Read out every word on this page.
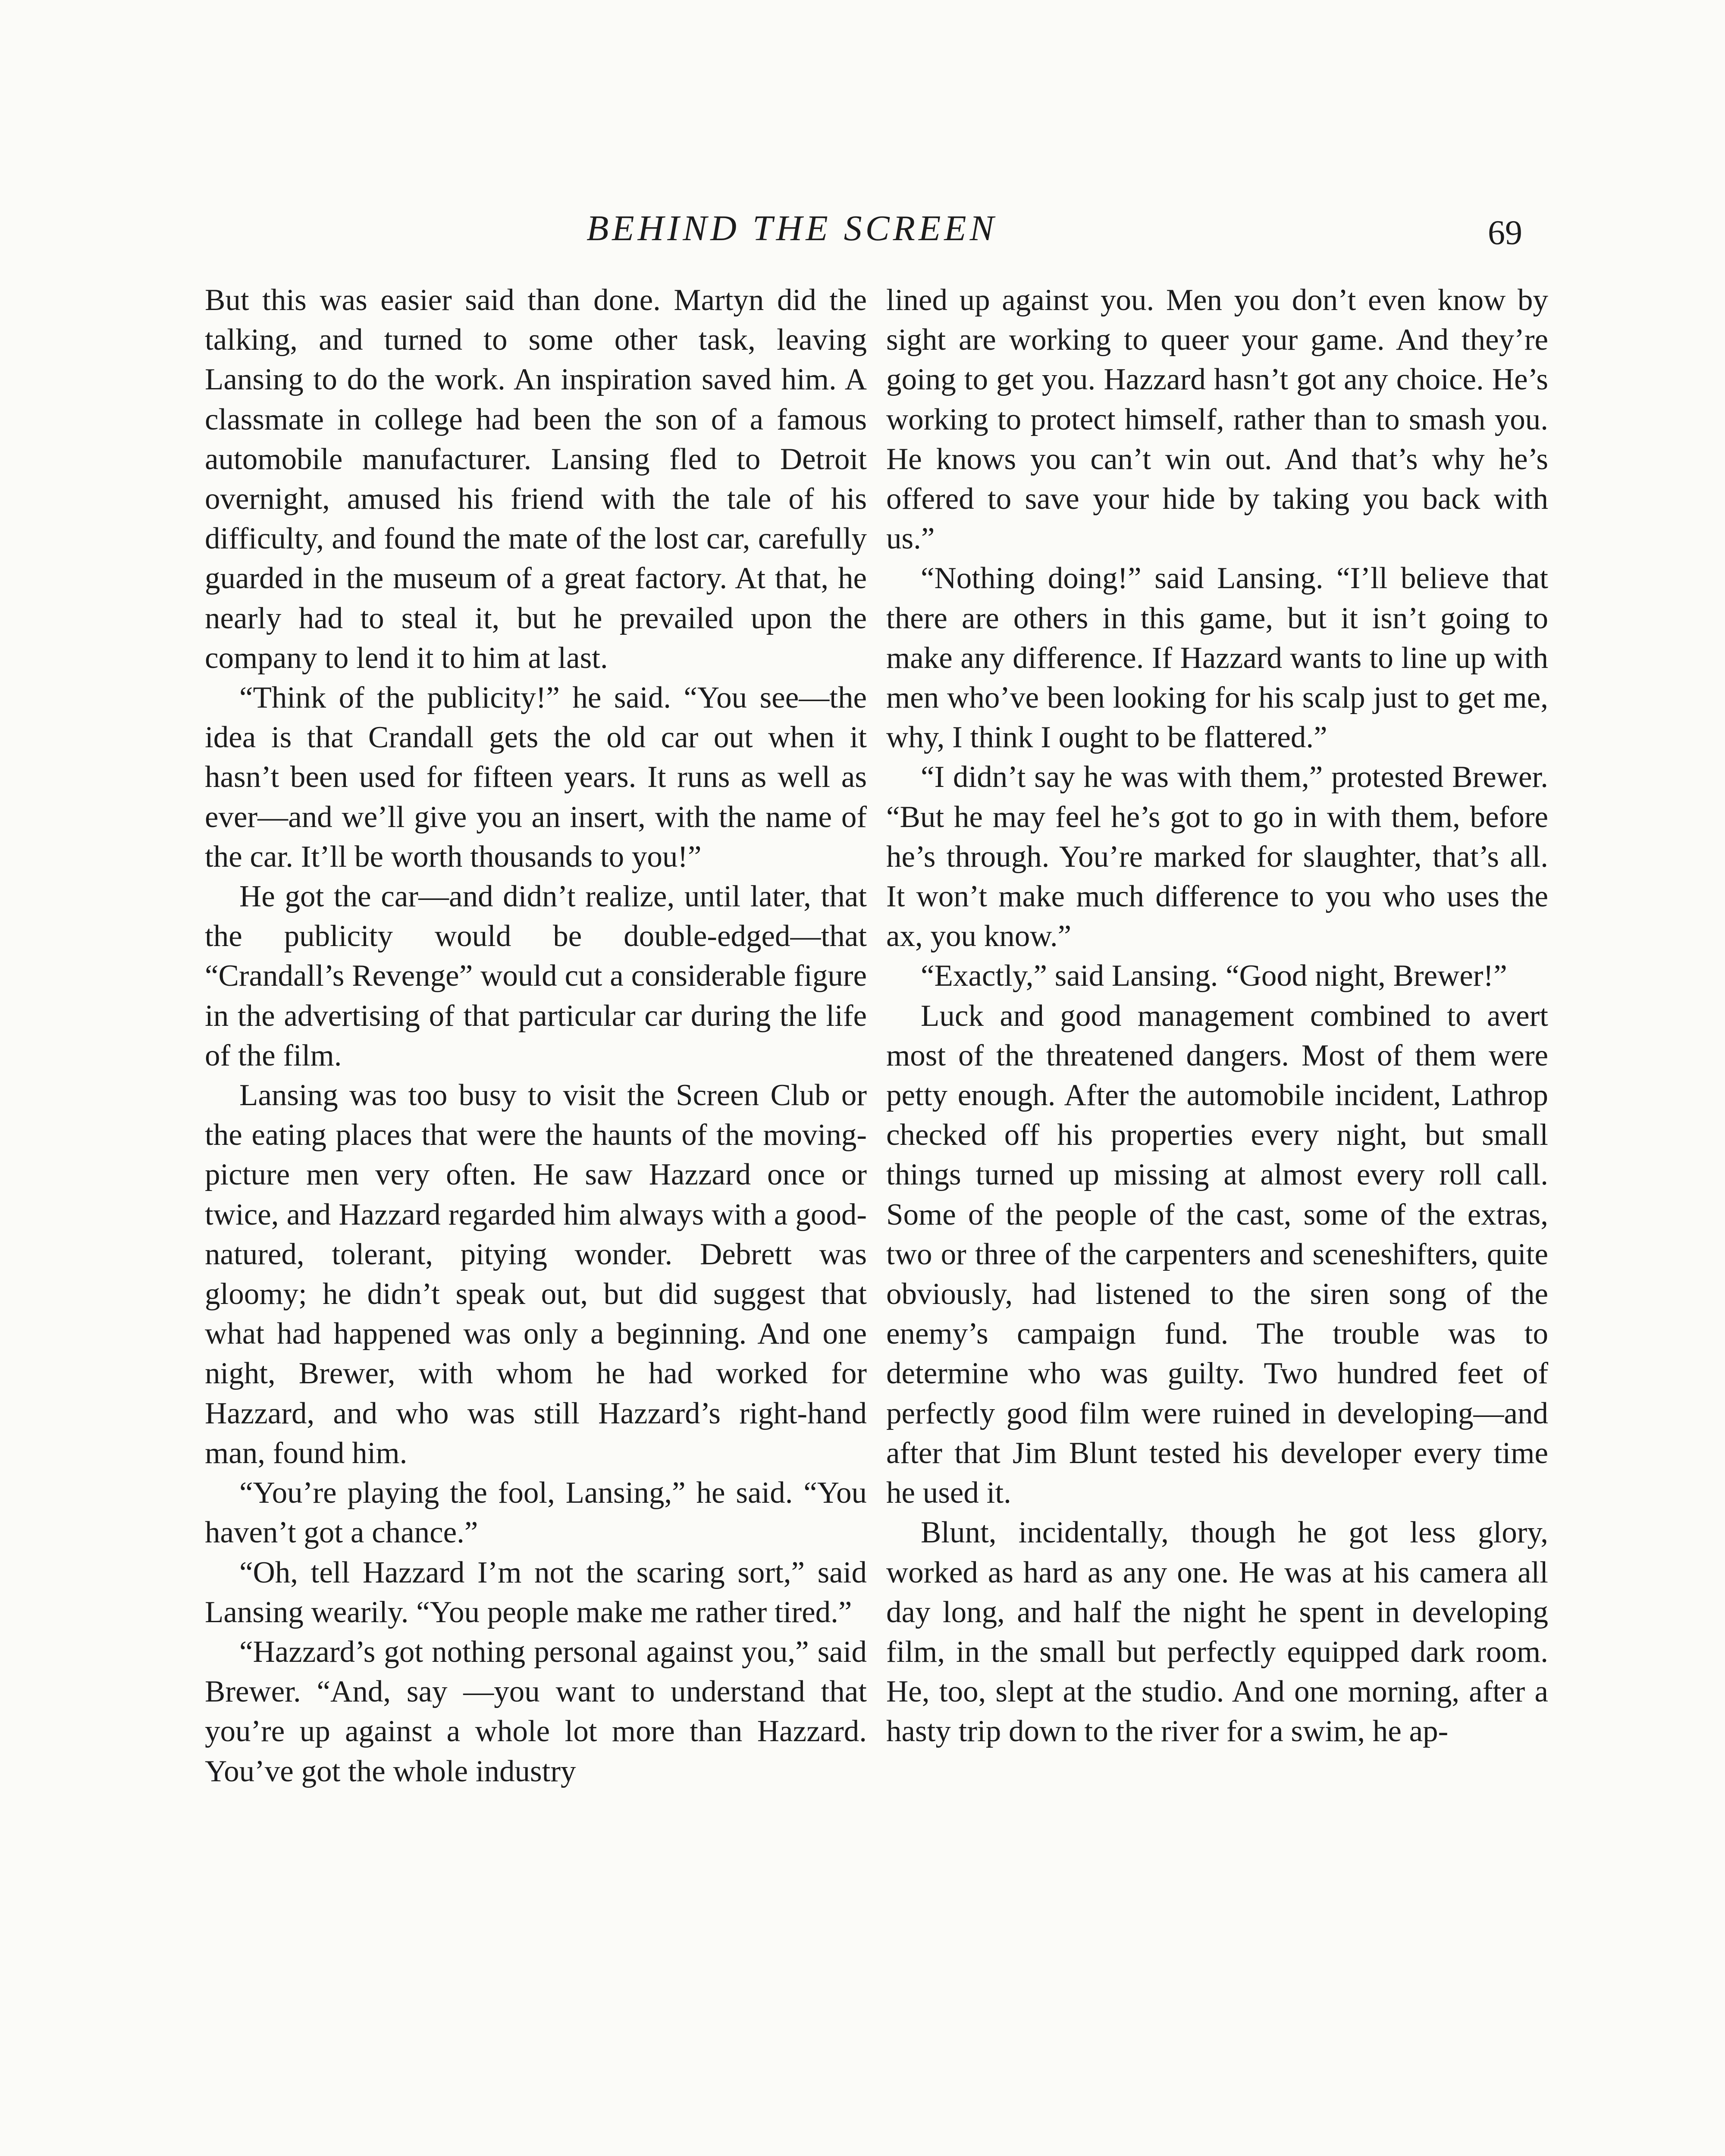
BEHIND THE SCREEN	69

But this was easier said than done. Martyn did the talking, and turned to some other task, leaving Lansing to do the work. An inspiration saved him. A classmate in college had been the son of a famous automobile manufacturer. Lansing fled to Detroit overnight, amused his friend with the tale of his difficulty, and found the mate of the lost car, carefully guarded in the museum of a great factory. At that, he nearly had to steal it, but he prevailed upon the company to lend it to him at last.

“Think of the publicity!” he said. “You see—the idea is that Crandall gets the old car out when it hasn’t been used for fifteen years. It runs as well as ever—and we’ll give you an insert, with the name of the car. It’ll be worth thousands to you!”

He got the car—and didn’t realize, until later, that the publicity would be double-edged—that “Crandall’s Revenge” would cut a considerable figure in the advertising of that particular car during the life of the film.

Lansing was too busy to visit the Screen Club or the eating places that were the haunts of the moving-picture men very often. He saw Hazzard once or twice, and Hazzard regarded him always with a good-natured, tolerant, pitying wonder. Debrett was gloomy; he didn’t speak out, but did suggest that what had happened was only a beginning. And one night, Brewer, with whom he had worked for Hazzard, and who was still Hazzard’s right-hand man, found him.

“You’re playing the fool, Lansing,” he said. “You haven’t got a chance.”

“Oh, tell Hazzard I’m not the scaring sort,” said Lansing wearily. “You people make me rather tired.”

“Hazzard’s got nothing personal against you,” said Brewer. “And, say —you want to understand that you’re up against a whole lot more than Hazzard. You’ve got the whole industry

lined up against you. Men you don’t even know by sight are working to queer your game. And they’re going to get you. Hazzard hasn’t got any choice. He’s working to protect himself, rather than to smash you. He knows you can’t win out. And that’s why he’s offered to save your hide by taking you back with us.”

“Nothing doing!” said Lansing. “I’ll believe that there are others in this game, but it isn’t going to make any difference. If Hazzard wants to line up with men who’ve been looking for his scalp just to get me, why, I think I ought to be flattered.”

“I didn’t say he was with them,” protested Brewer. “But he may feel he’s got to go in with them, before he’s through. You’re marked for slaughter, that’s all. It won’t make much difference to you who uses the ax, you know.”

“Exactly,” said Lansing. “Good night, Brewer!”

Luck and good management combined to avert most of the threatened dangers. Most of them were petty enough. After the automobile incident, Lathrop checked off his properties every night, but small things turned up missing at almost every roll call. Some of the people of the cast, some of the extras, two or three of the carpenters and sceneshifters, quite obviously, had listened to the siren song of the enemy’s campaign fund. The trouble was to determine who was guilty. Two hundred feet of perfectly good film were ruined in developing—and after that Jim Blunt tested his developer every time he used it.

Blunt, incidentally, though he got less glory, worked as hard as any one. He was at his camera all day long, and half the night he spent in developing film, in the small but perfectly equipped dark room. He, too, slept at the studio. And one morning, after a hasty trip down to the river for a swim, he ap-
